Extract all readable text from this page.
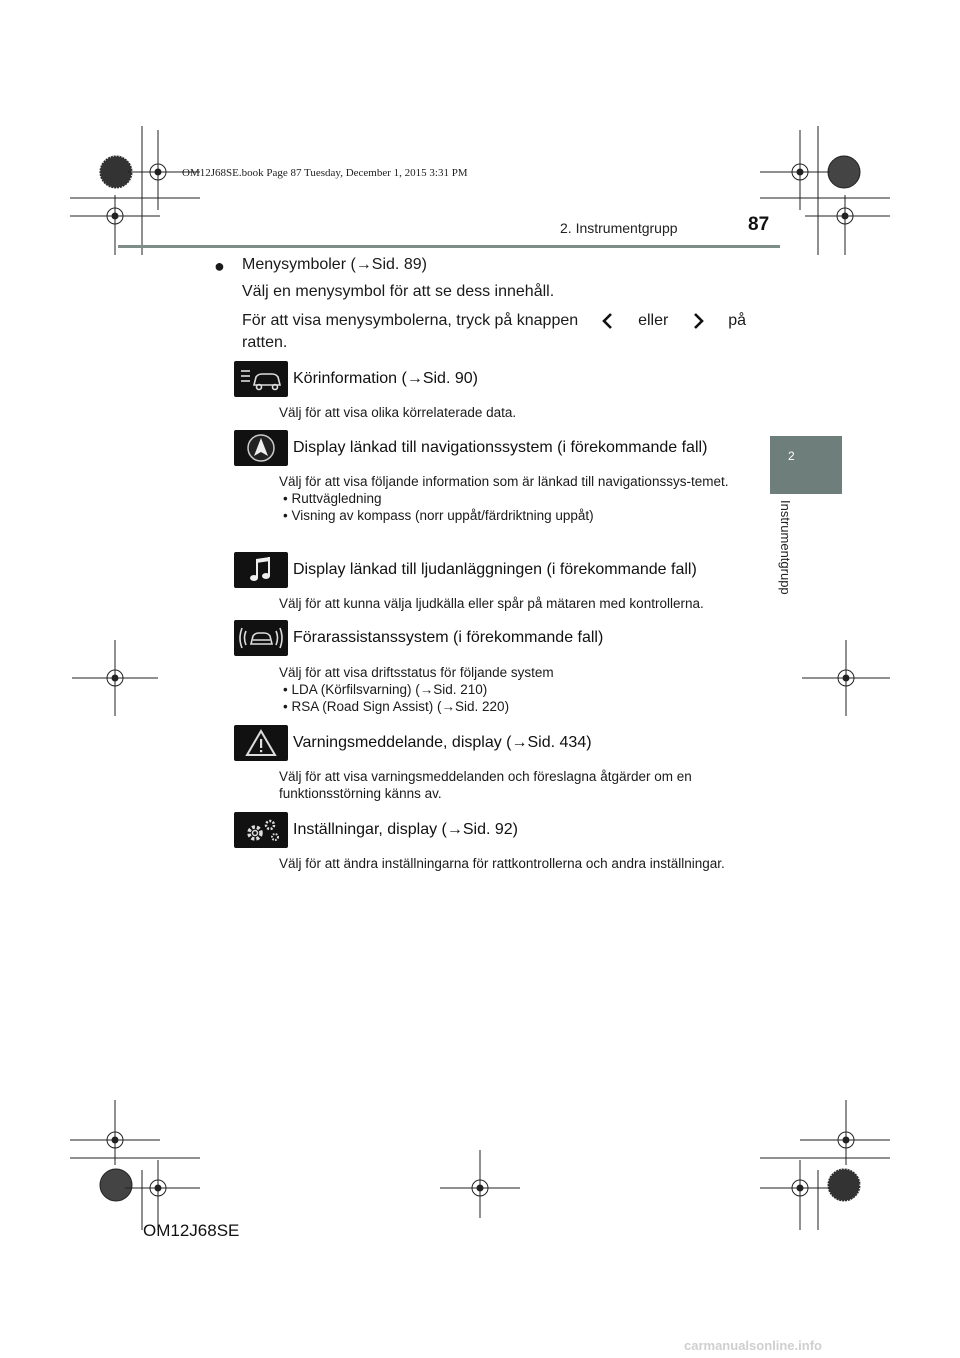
OM12J68SE.book Page 87 Tuesday, December 1, 2015 3:31 PM
2. Instrumentgrupp	87
2
Instrumentgrupp
● Menysymboler (→Sid. 89)
Välj en menysymbol för att se dess innehåll.
För att visa menysymbolerna, tryck på knappen	eller	på
ratten.
Körinformation (→Sid. 90)
Välj för att visa olika körrelaterade data.
Display länkad till navigationssystem (i förekommande fall)
Välj för att visa följande information som är länkad till navigationssys-temet.
• Ruttvägledning
• Visning av kompass (norr uppåt/färdriktning uppåt)
Display länkad till ljudanläggningen (i förekommande fall)
Välj för att kunna välja ljudkälla eller spår på mätaren med kontrollerna.
Förarassistanssystem (i förekommande fall)
Välj för att visa driftsstatus för följande system
• LDA (Körfilsvarning) (→Sid. 210)
• RSA (Road Sign Assist) (→Sid. 220)
Varningsmeddelande, display (→Sid. 434)
Välj för att visa varningsmeddelanden och föreslagna åtgärder om en funktionsstörning känns av.
Inställningar, display (→Sid. 92)
Välj för att ändra inställningarna för rattkontrollerna och andra inställningar.
OM12J68SE
carmanualsonline.info
